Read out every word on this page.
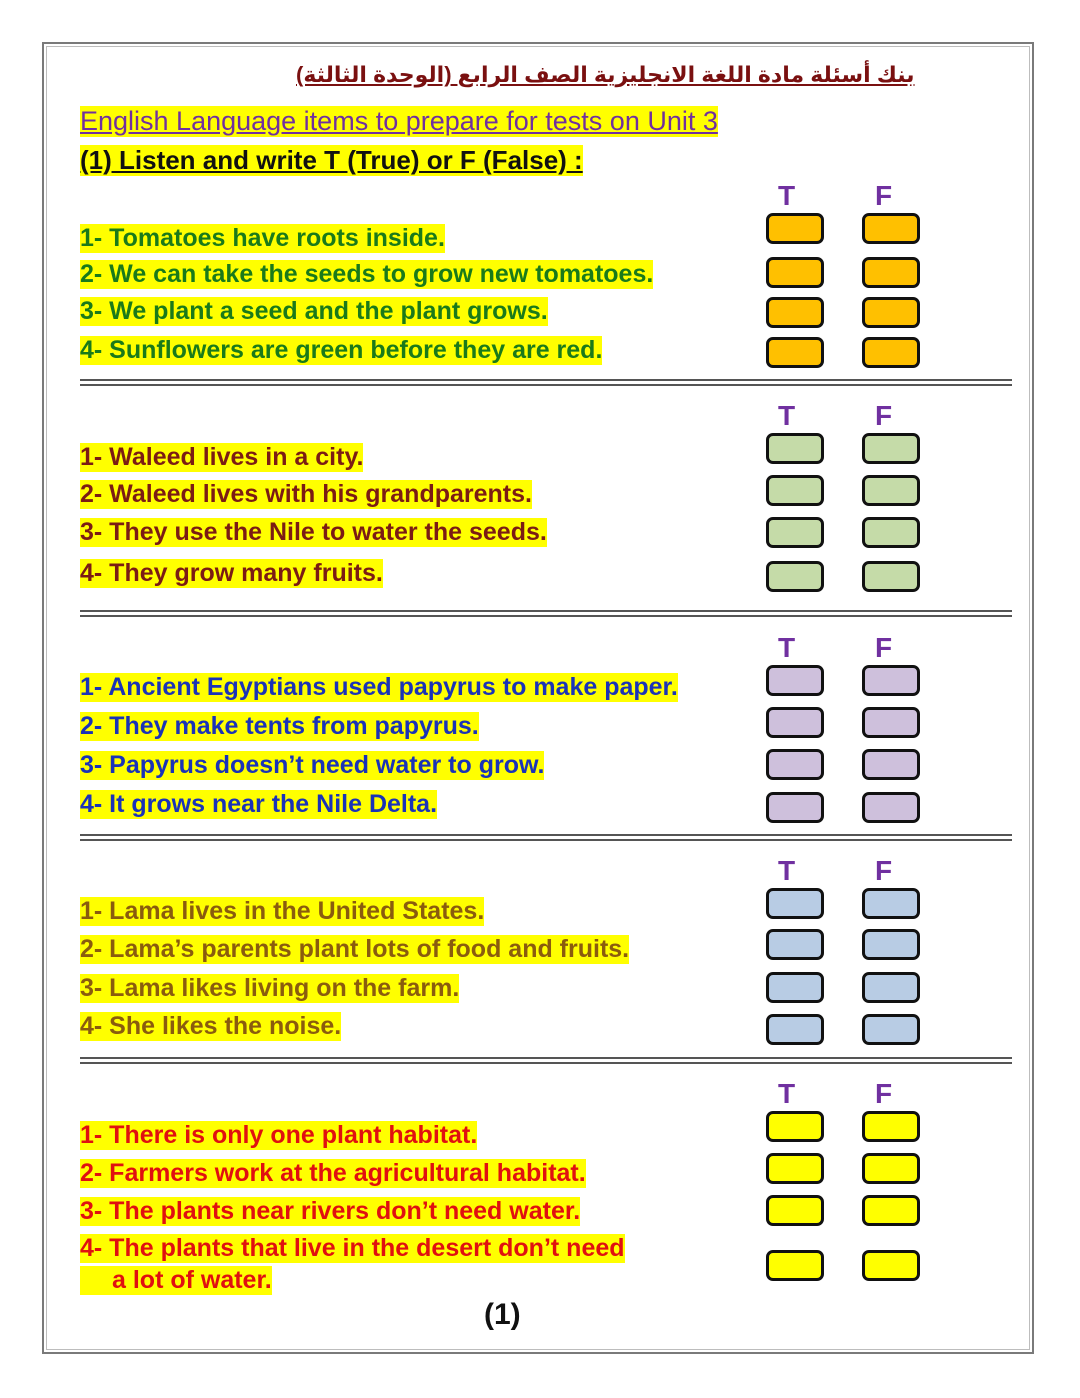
بنك أسئلة مادة اللغة الانجليزية الصف الرابع (الوحدة الثالثة)
English Language items to prepare for tests on Unit 3
(1) Listen and write T (True) or F (False) :
T	F
1- Tomatoes have roots inside.
2- We can take the seeds to grow new tomatoes.
3- We plant a seed and the plant grows.
4- Sunflowers are green before they are red.
T	F
1- Waleed lives in a city.
2- Waleed lives with his grandparents.
3- They use the Nile to water the seeds.
4- They grow many fruits.
T	F
1- Ancient Egyptians used papyrus to make paper.
2- They make tents from papyrus.
3- Papyrus doesn’t need water to grow.
4- It grows near the Nile Delta.
T	F
1- Lama lives in the United States.
2- Lama’s parents plant lots of food and fruits.
3- Lama likes living on the farm.
4- She likes the noise.
T	F
1- There is only one plant habitat.
2- Farmers work at the agricultural habitat.
3- The plants near rivers don’t need water.
4- The plants that live in the desert don’t need
a lot of water.
(1)
